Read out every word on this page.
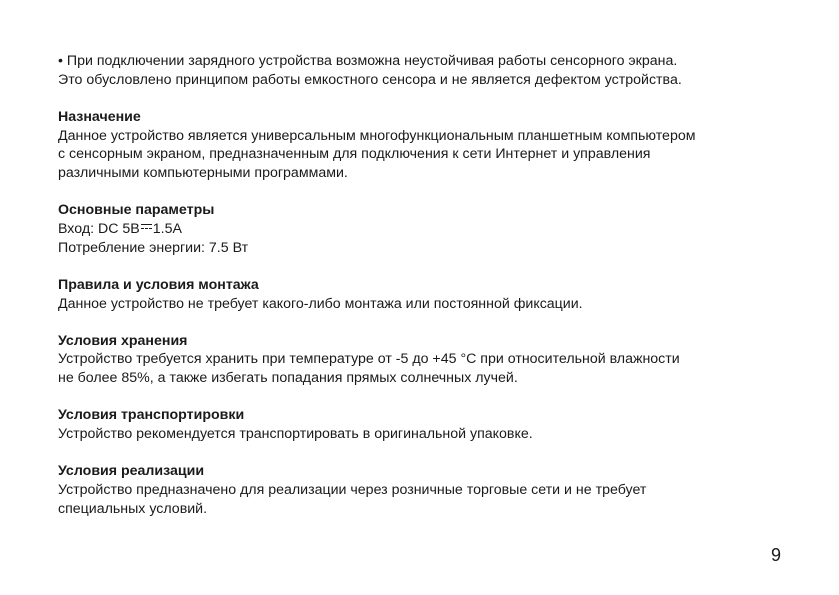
• При подключении зарядного устройства возможна неустойчивая работы сенсорного экрана.
Это обусловлено принципом работы емкостного сенсора и не является дефектом устройства.

Назначение

Данное устройство является универсальным многофункциональным планшетным компьютером
с сенсорным экраном, предназначенным для подключения к сети Интернет и управления
различными компьютерными программами.

Основные параметры

Вход: DC 5В 1.5А
Потребление энергии: 7.5 Вт

Правила и условия монтажа

Данное устройство не требует какого-либо монтажа или постоянной фиксации.

Условия хранения

Устройство требуется хранить при температуре от -5 до +45 °С при относительной влажности
не более 85%, а также избегать попадания прямых солнечных лучей.

Условия транспортировки

Устройство рекомендуется транспортировать в оригинальной упаковке.

Условия реализации

Устройство предназначено для реализации через розничные торговые сети и не требует
специальных условий.

9
